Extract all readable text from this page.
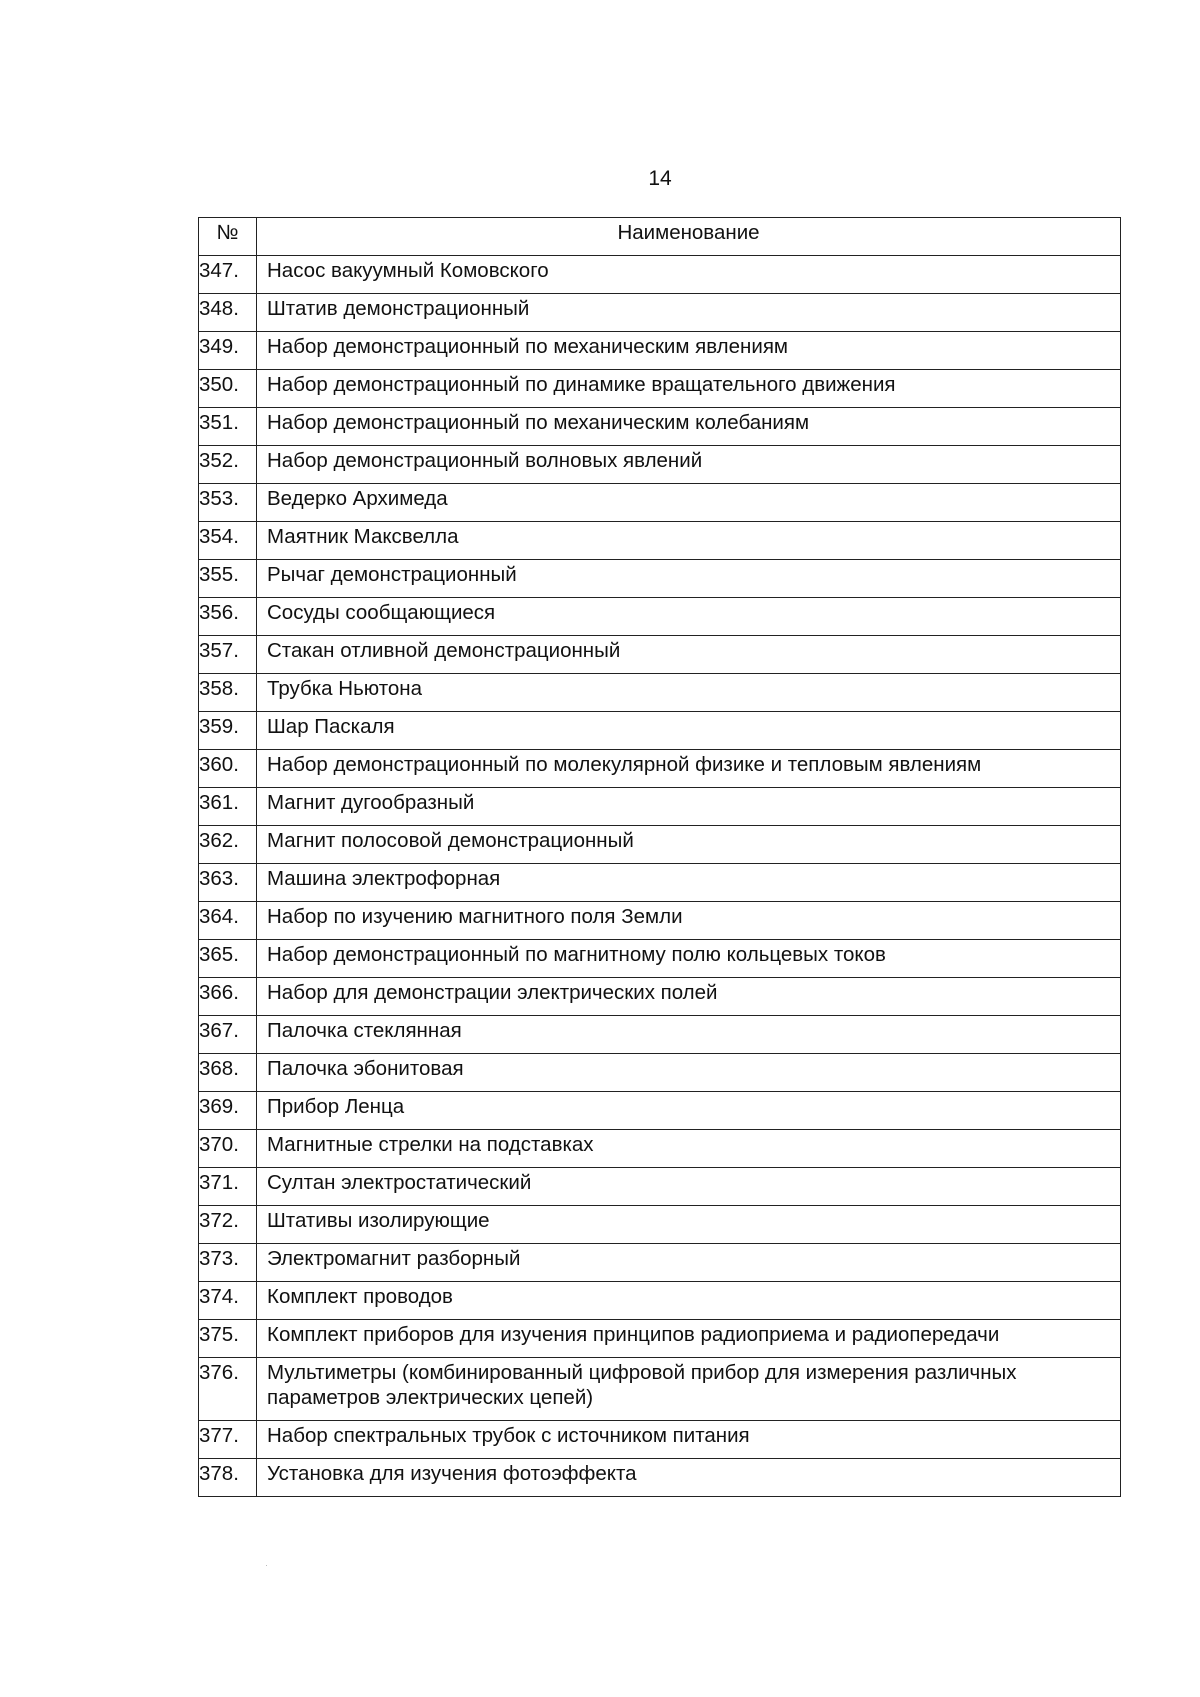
14
№	Наименование
347.	Насос вакуумный Комовского
348.	Штатив демонстрационный
349.	Набор демонстрационный по механическим явлениям
350.	Набор демонстрационный по динамике вращательного движения
351.	Набор демонстрационный по механическим колебаниям
352.	Набор демонстрационный волновых явлений
353.	Ведерко Архимеда
354.	Маятник Максвелла
355.	Рычаг демонстрационный
356.	Сосуды сообщающиеся
357.	Стакан отливной демонстрационный
358.	Трубка Ньютона
359.	Шар Паскаля
360.	Набор демонстрационный по молекулярной физике и тепловым явлениям
361.	Магнит дугообразный
362.	Магнит полосовой демонстрационный
363.	Машина электрофорная
364.	Набор по изучению магнитного поля Земли
365.	Набор демонстрационный по магнитному полю кольцевых токов
366.	Набор для демонстрации электрических полей
367.	Палочка стеклянная
368.	Палочка эбонитовая
369.	Прибор Ленца
370.	Магнитные стрелки на подставках
371.	Султан электростатический
372.	Штативы изолирующие
373.	Электромагнит разборный
374.	Комплект проводов
375.	Комплект приборов для изучения принципов радиоприема и радиопередачи
376.	Мультиметры (комбинированный цифровой прибор для измерения различных параметров электрических цепей)
377.	Набор спектральных трубок с источником питания
378.	Установка для изучения фотоэффекта
